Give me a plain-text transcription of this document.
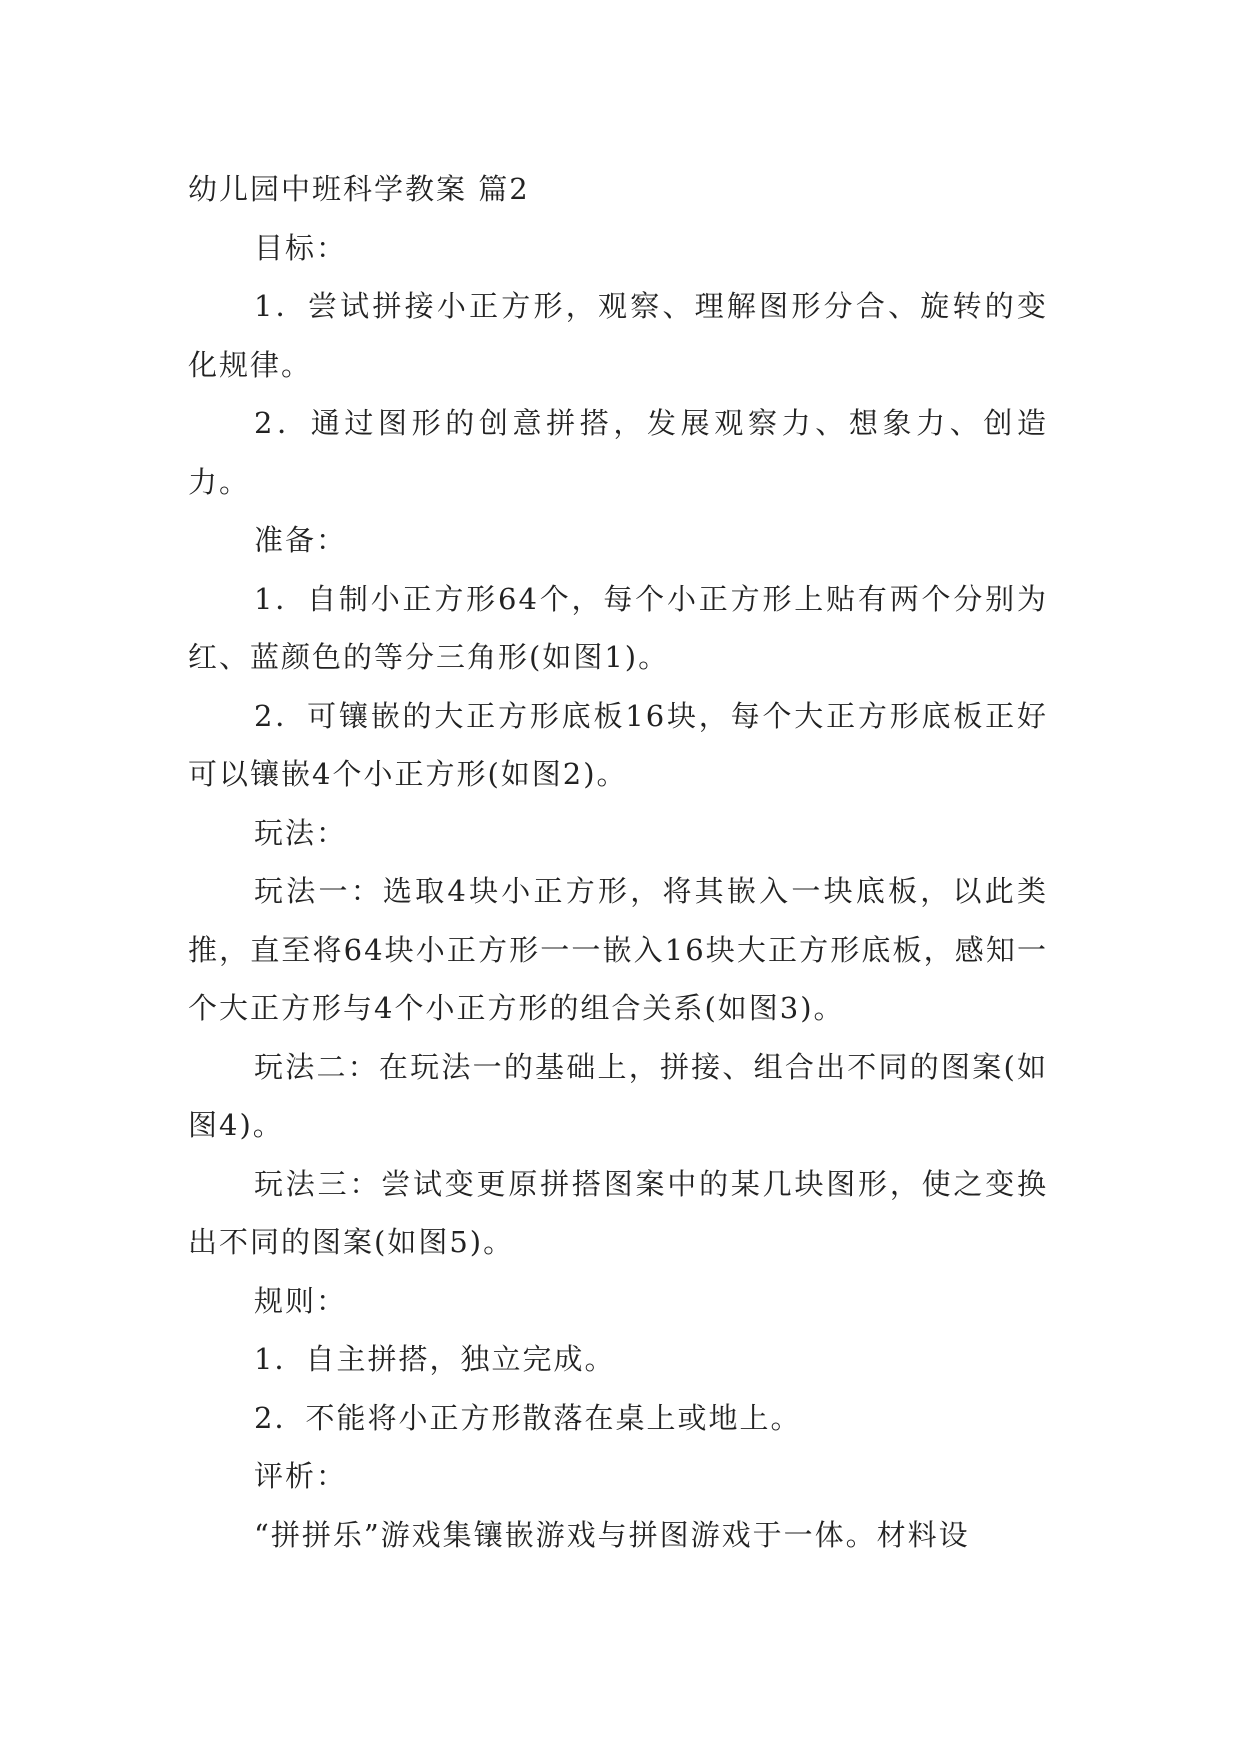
幼儿园中班科学教案 篇2

目标：

1．尝试拼接小正方形，观察、理解图形分合、旋转的变化规律。

2．通过图形的创意拼搭，发展观察力、想象力、创造力。

准备：

1．自制小正方形64个，每个小正方形上贴有两个分别为红、蓝颜色的等分三角形(如图1)。

2．可镶嵌的大正方形底板16块，每个大正方形底板正好可以镶嵌4个小正方形(如图2)。

玩法：

玩法一：选取4块小正方形，将其嵌入一块底板，以此类推，直至将64块小正方形一一嵌入16块大正方形底板，感知一个大正方形与4个小正方形的组合关系(如图3)。

玩法二：在玩法一的基础上，拼接、组合出不同的图案(如图4)。

玩法三：尝试变更原拼搭图案中的某几块图形，使之变换出不同的图案(如图5)。

规则：

1．自主拼搭，独立完成。

2．不能将小正方形散落在桌上或地上。

评析：

“拼拼乐”游戏集镶嵌游戏与拼图游戏于一体。材料设
